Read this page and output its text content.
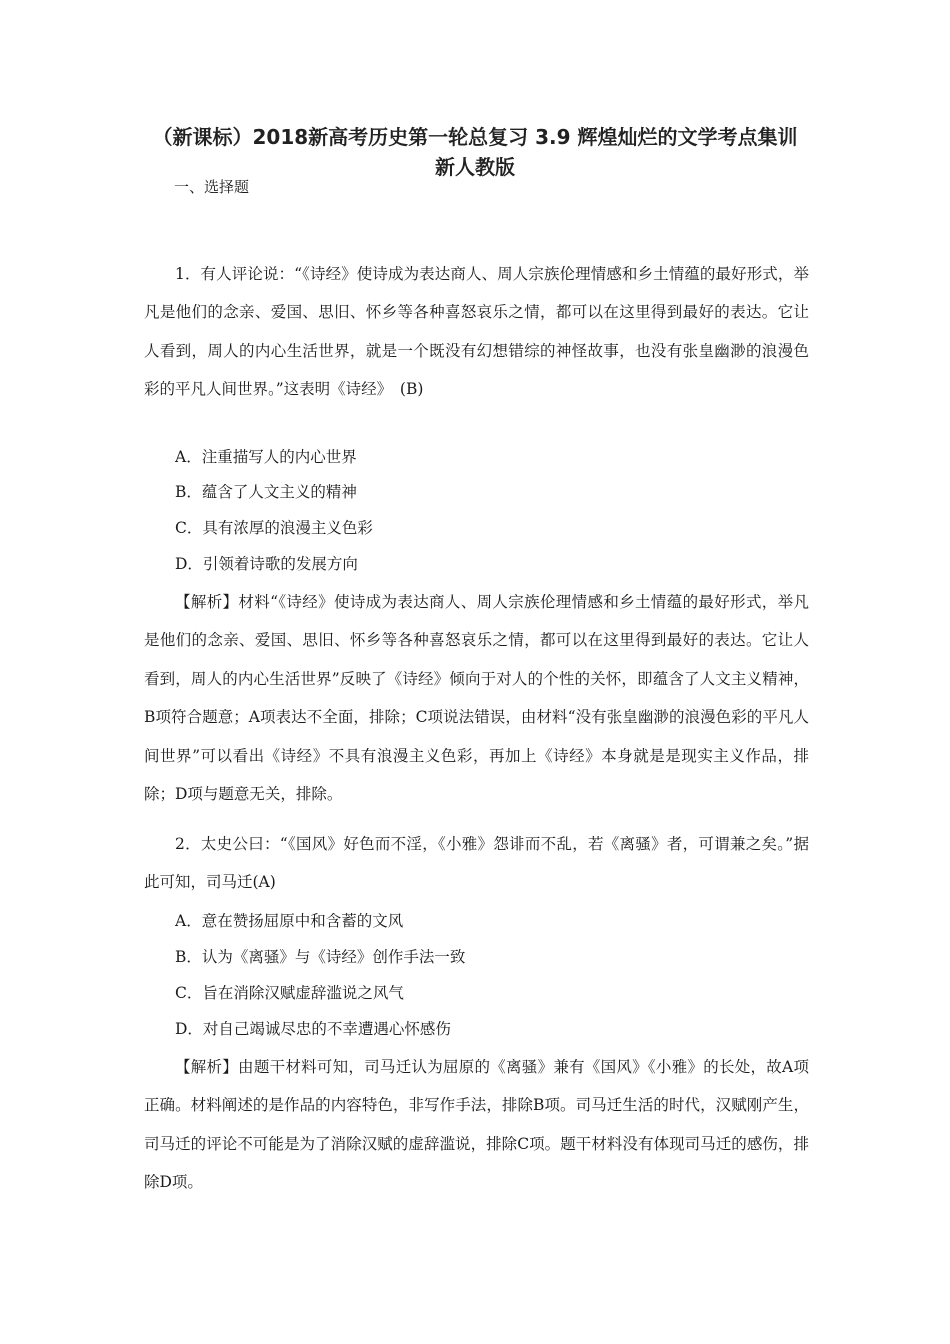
（新课标）2018新高考历史第一轮总复习 3.9 辉煌灿烂的文学考点集训 新人教版
一、选择题

1．有人评论说：“《诗经》使诗成为表达商人、周人宗族伦理情感和乡土情蕴的最好形式，举凡是他们的念亲、爱国、思旧、怀乡等各种喜怒哀乐之情，都可以在这里得到最好的表达。它让人看到，周人的内心生活世界，就是一个既没有幻想错综的神怪故事，也没有张皇幽渺的浪漫色彩的平凡人间世界。”这表明《诗经》　(B)

A．注重描写人的内心世界
B．蕴含了人文主义的精神
C．具有浓厚的浪漫主义色彩
D．引领着诗歌的发展方向

【解析】材料“《诗经》使诗成为表达商人、周人宗族伦理情感和乡土情蕴的最好形式，举凡是他们的念亲、爱国、思旧、怀乡等各种喜怒哀乐之情，都可以在这里得到最好的表达。它让人看到，周人的内心生活世界”反映了《诗经》倾向于对人的个性的关怀，即蕴含了人文主义精神，B项符合题意；A项表达不全面，排除；C项说法错误，由材料“没有张皇幽渺的浪漫色彩的平凡人间世界”可以看出《诗经》不具有浪漫主义色彩，再加上《诗经》本身就是是现实主义作品，排除；D项与题意无关，排除。

2．太史公曰：“《国风》好色而不淫，《小雅》怨诽而不乱，若《离骚》者，可谓兼之矣。”据此可知，司马迁(A)

A．意在赞扬屈原中和含蓄的文风
B．认为《离骚》与《诗经》创作手法一致
C．旨在消除汉赋虚辞滥说之风气
D．对自己竭诚尽忠的不幸遭遇心怀感伤

【解析】由题干材料可知，司马迁认为屈原的《离骚》兼有《国风》《小雅》的长处，故A项正确。材料阐述的是作品的内容特色，非写作手法，排除B项。司马迁生活的时代，汉赋刚产生，司马迁的评论不可能是为了消除汉赋的虚辞滥说，排除C项。题干材料没有体现司马迁的感伤，排除D项。
